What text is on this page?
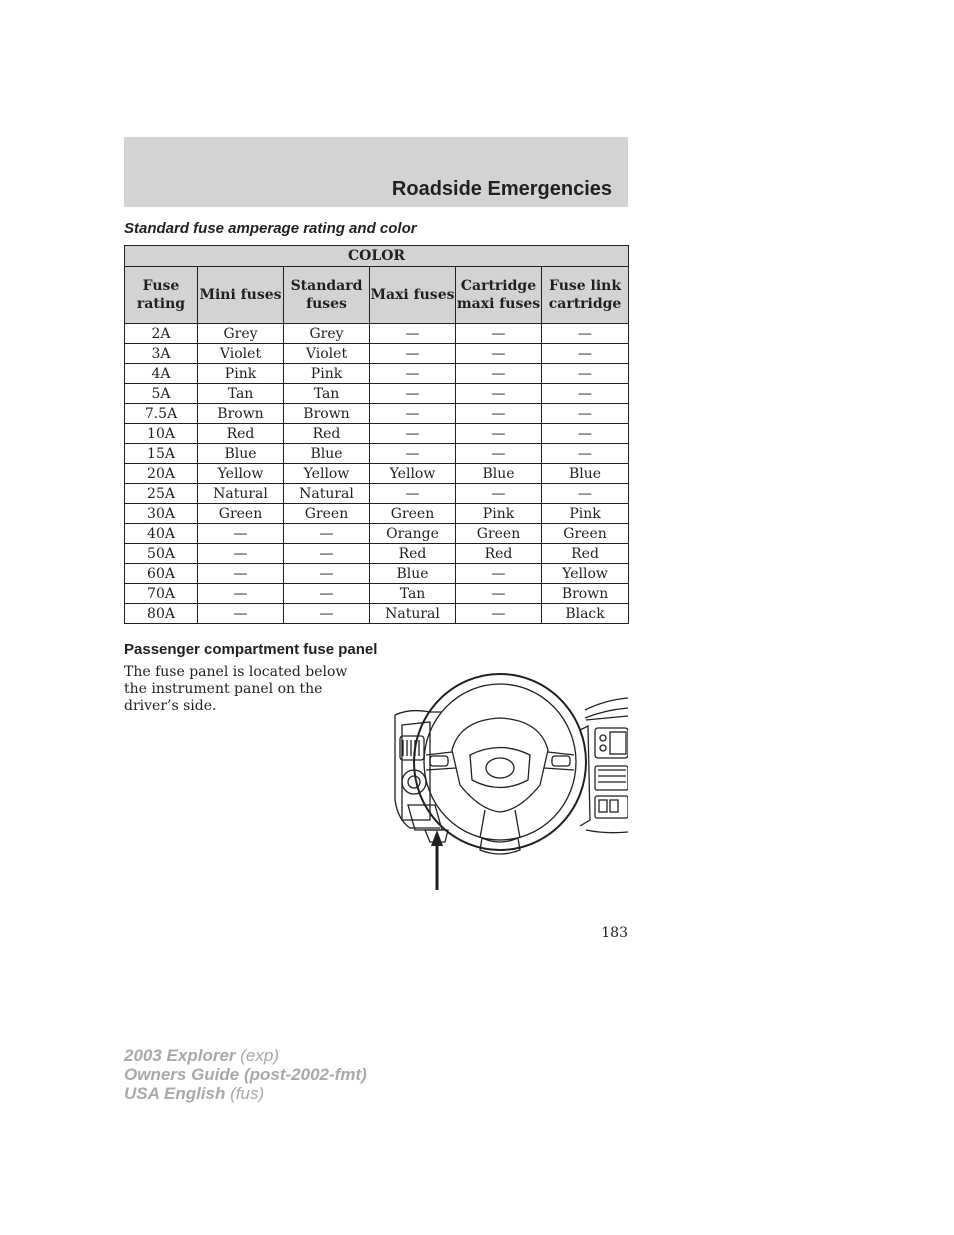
Roadside Emergencies
Standard fuse amperage rating and color
COLOR					
Fuse rating	Mini fuses	Standard fuses	Maxi fuses	Cartridge maxi fuses	Fuse link cartridge
2A	Grey	Grey	—	—	—
3A	Violet	Violet	—	—	—
4A	Pink	Pink	—	—	—
5A	Tan	Tan	—	—	—
7.5A	Brown	Brown	—	—	—
10A	Red	Red	—	—	—
15A	Blue	Blue	—	—	—
20A	Yellow	Yellow	Yellow	Blue	Blue
25A	Natural	Natural	—	—	—
30A	Green	Green	Green	Pink	Pink
40A	—	—	Orange	Green	Green
50A	—	—	Red	Red	Red
60A	—	—	Blue	—	Yellow
70A	—	—	Tan	—	Brown
80A	—	—	Natural	—	Black
Passenger compartment fuse panel
The fuse panel is located below the instrument panel on the driver’s side.
183
2003 Explorer (exp)
Owners Guide (post-2002-fmt)
USA English (fus)
